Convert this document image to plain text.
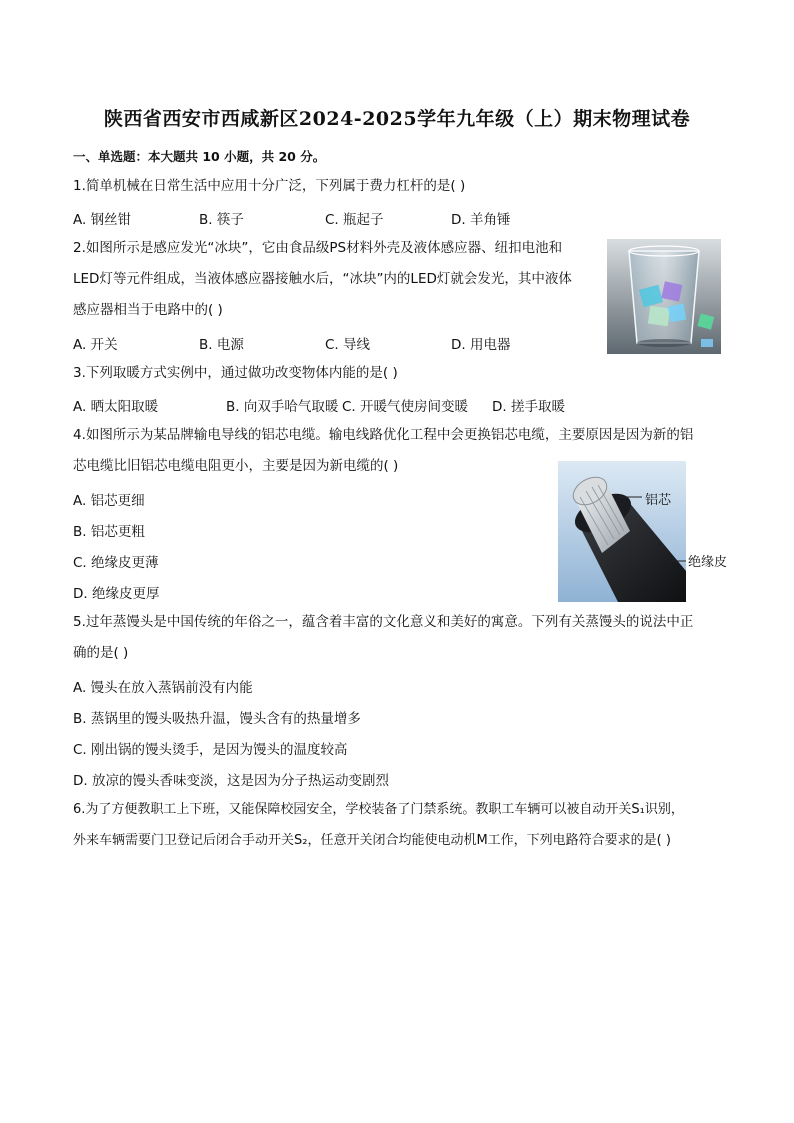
陕西省西安市西咸新区2024-2025学年九年级（上）期末物理试卷
一、单选题：本大题共 10 小题，共 20 分。
1.简单机械在日常生活中应用十分广泛，下列属于费力杠杆的是( )
A. 钢丝钳	B. 筷子	C. 瓶起子	D. 羊角锤
2.如图所示是感应发光“冰块”，它由食品级PS材料外壳及液体感应器、纽扣电池和
LED灯等元件组成，当液体感应器接触水后，“冰块”内的LED灯就会发光，其中液体
感应器相当于电路中的( )
A. 开关	B. 电源	C. 导线	D. 用电器
3.下列取暖方式实例中，通过做功改变物体内能的是( )
A. 晒太阳取暖	B. 向双手哈气取暖 C. 开暖气使房间变暖	D. 搓手取暖
4.如图所示为某品牌输电导线的铝芯电缆。输电线路优化工程中会更换铝芯电缆，主要原因是因为新的铝
芯电缆比旧铝芯电缆电阻更小，主要是因为新电缆的( )
A. 铝芯更细
B. 铝芯更粗
C. 绝缘皮更薄
D. 绝缘皮更厚
铝芯
绝缘皮
5.过年蒸馒头是中国传统的年俗之一，蕴含着丰富的文化意义和美好的寓意。下列有关蒸馒头的说法中正
确的是( )
A. 馒头在放入蒸锅前没有内能
B. 蒸锅里的馒头吸热升温，馒头含有的热量增多
C. 刚出锅的馒头烫手，是因为馒头的温度较高
D. 放凉的馒头香味变淡，这是因为分子热运动变剧烈
6.为了方便教职工上下班，又能保障校园安全，学校装备了门禁系统。教职工车辆可以被自动开关S₁识别，
外来车辆需要门卫登记后闭合手动开关S₂，任意开关闭合均能使电动机M工作，下列电路符合要求的是( )
